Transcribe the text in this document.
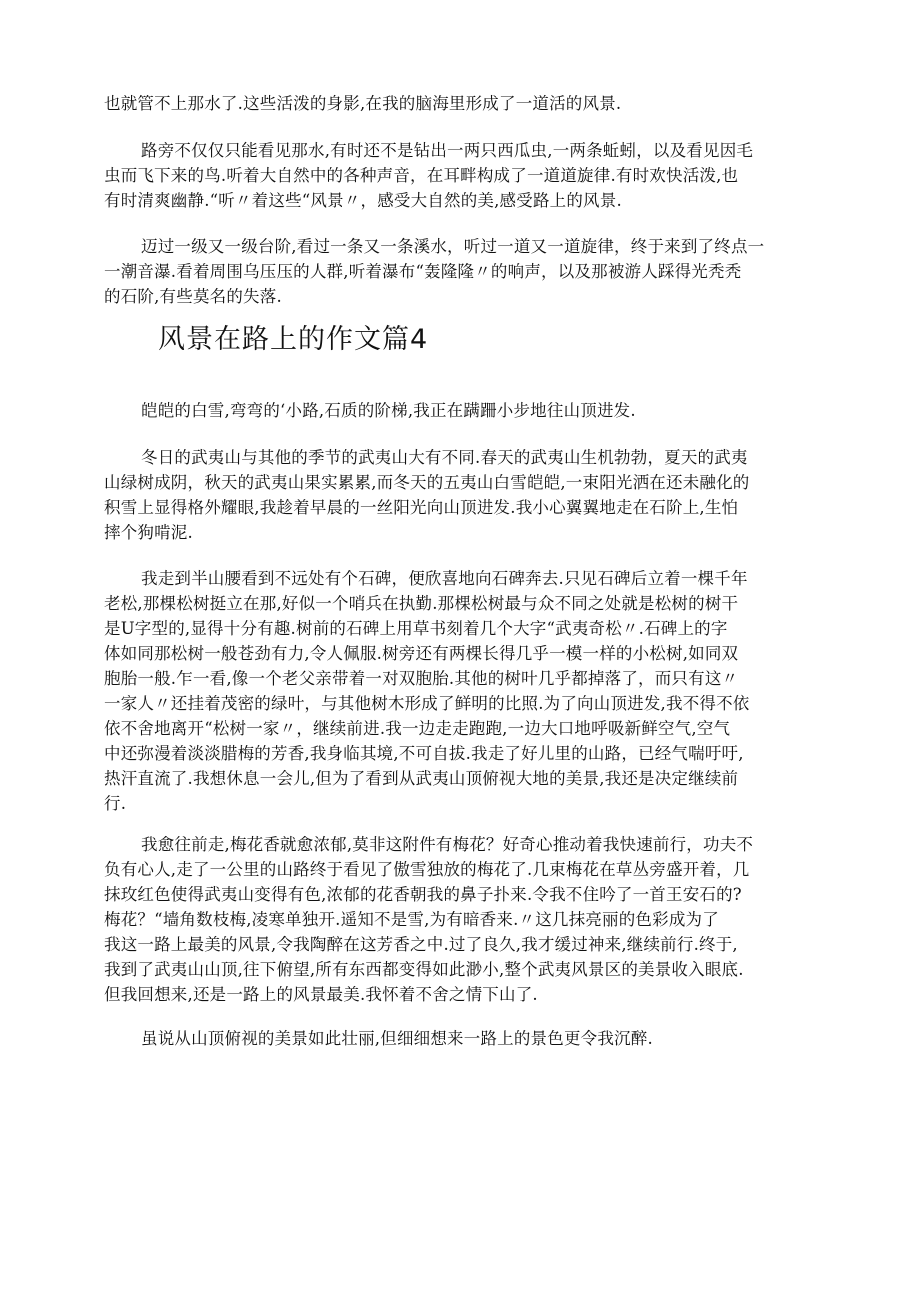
也就管不上那水了.这些活泼的身影,在我的脑海里形成了一道活的风景.

路旁不仅仅只能看见那水,有时还不是钻出一两只西瓜虫,一两条蚯蚓，以及看见因毛
虫而飞下来的鸟.听着大自然中的各种声音，在耳畔构成了一道道旋律.有时欢快活泼,也
有时清爽幽静.“听〃着这些“风景〃，感受大自然的美,感受路上的风景.

迈过一级又一级台阶,看过一条又一条溪水，听过一道又一道旋律，终于来到了终点一
一潮音瀑.看着周围乌压压的人群,听着瀑布“轰隆隆〃的响声，以及那被游人踩得光秃秃
的石阶,有些莫名的失落.

风景在路上的作文篇4

皑皑的白雪,弯弯的‘小路,石质的阶梯,我正在蹒跚小步地往山顶进发.

冬日的武夷山与其他的季节的武夷山大有不同.春天的武夷山生机勃勃，夏天的武夷
山绿树成阴，秋天的武夷山果实累累,而冬天的五夷山白雪皑皑,一束阳光洒在还未融化的
积雪上显得格外耀眼,我趁着早晨的一丝阳光向山顶进发.我小心翼翼地走在石阶上,生怕
摔个狗啃泥.

我走到半山腰看到不远处有个石碑，便欣喜地向石碑奔去.只见石碑后立着一棵千年
老松,那棵松树挺立在那,好似一个哨兵在执勤.那棵松树最与众不同之处就是松树的树干
是U字型的,显得十分有趣.树前的石碑上用草书刻着几个大字“武夷奇松〃.石碑上的字
体如同那松树一般苍劲有力,令人佩服.树旁还有两棵长得几乎一模一样的小松树,如同双
胞胎一般.乍一看,像一个老父亲带着一对双胞胎.其他的树叶几乎都掉落了，而只有这〃
一家人〃还挂着茂密的绿叶，与其他树木形成了鲜明的比照.为了向山顶进发,我不得不依
依不舍地离开“松树一家〃，继续前进.我一边走走跑跑,一边大口地呼吸新鲜空气,空气
中还弥漫着淡淡腊梅的芳香,我身临其境,不可自拔.我走了好儿里的山路，已经气喘吁吁,
热汗直流了.我想休息一会儿,但为了看到从武夷山顶俯视大地的美景,我还是决定继续前
行.

我愈往前走,梅花香就愈浓郁,莫非这附件有梅花？好奇心推动着我快速前行，功夫不
负有心人,走了一公里的山路终于看见了傲雪独放的梅花了.几束梅花在草丛旁盛开着，几
抹玫红色使得武夷山变得有色,浓郁的花香朝我的鼻子扑来.令我不住吟了一首王安石的?
梅花？“墙角数枝梅,凌寒单独开.遥知不是雪,为有暗香来.〃这几抹亮丽的色彩成为了
我这一路上最美的风景,令我陶醉在这芳香之中.过了良久,我才缓过神来,继续前行.终于,
我到了武夷山山顶,往下俯望,所有东西都变得如此渺小,整个武夷风景区的美景收入眼底.
但我回想来,还是一路上的风景最美.我怀着不舍之情下山了.

虽说从山顶俯视的美景如此壮丽,但细细想来一路上的景色更令我沉醉.
